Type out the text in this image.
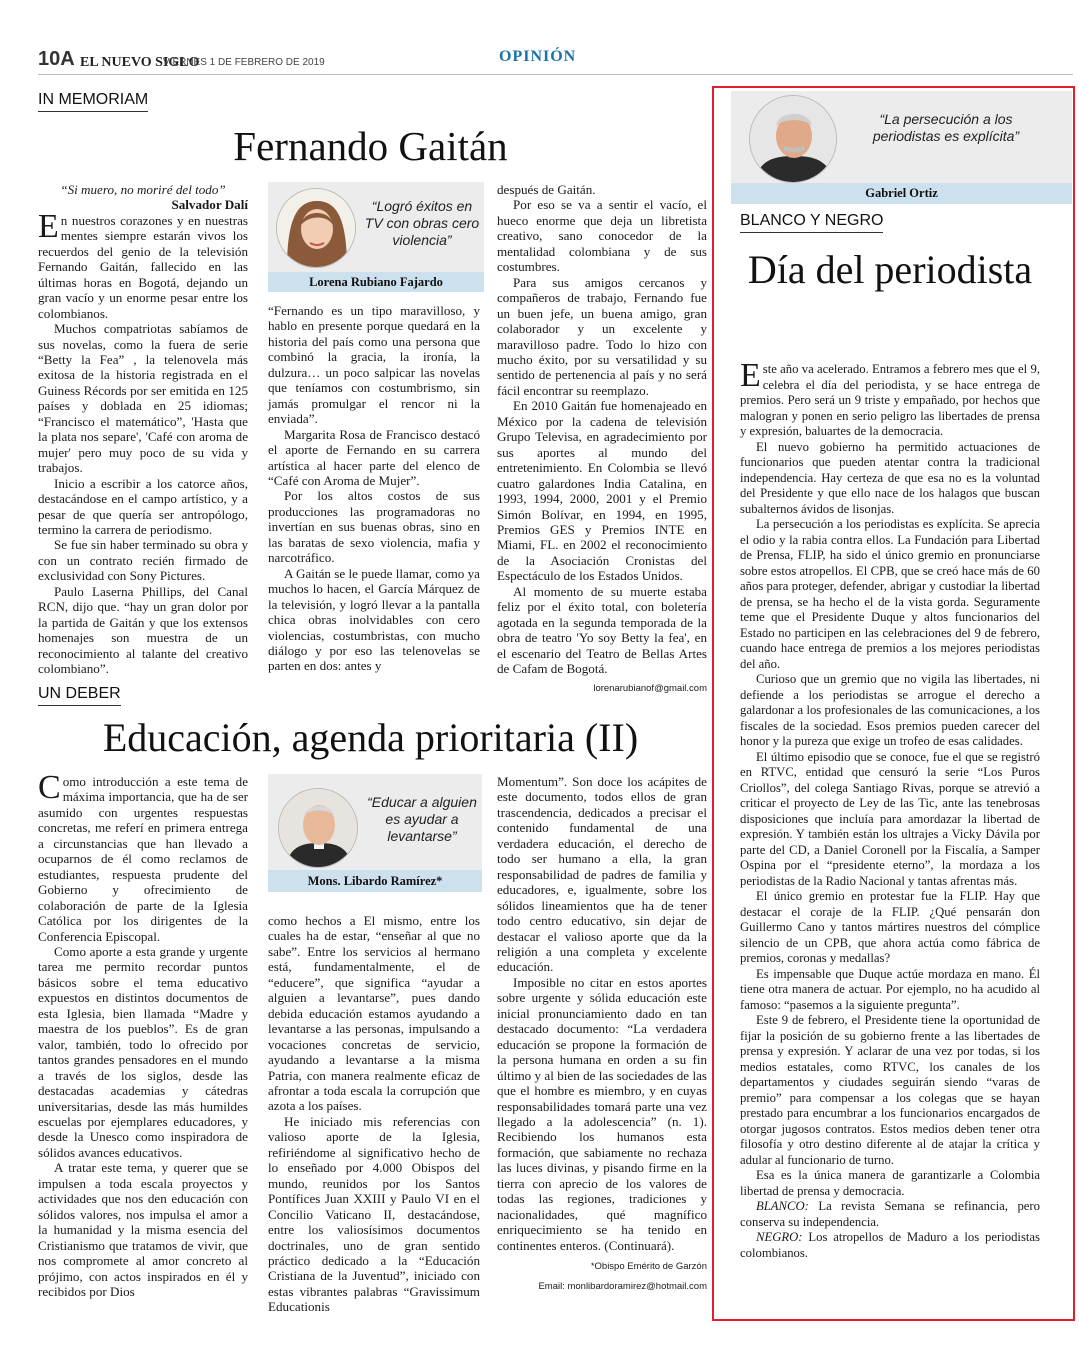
10A EL NUEVO SIGLO
VIERNES 1 DE FEBRERO DE 2019	OPINIÓN
IN MEMORIAM
Fernando Gaitán
“Si muero, no moriré del todo”
Salvador Dalí

En nuestros corazones y en nuestras mentes siempre estarán vivos los recuerdos del genio de la televisión Fernando Gaitán, fallecido en las últimas horas en Bogotá, dejando un gran vacío y un enorme pesar entre los colombianos.

Muchos compatriotas sabíamos de sus novelas, como la fuera de serie “Betty la Fea” , la telenovela más exitosa de la historia registrada en el Guiness Récords por ser emitida en 125 países y doblada en 25 idiomas; “Francisco el matemático”, 'Hasta que la plata nos separe', 'Café con aroma de mujer' pero muy poco de su vida y trabajos.

Inicio a escribir a los catorce años, destacándose en el campo artístico, y a pesar de que quería ser antropólogo, termino la carrera de periodismo.

Se fue sin haber terminado su obra y con un contrato recién firmado de exclusividad con Sony Pictures.

Paulo Laserna Phillips, del Canal RCN, dijo que. “hay un gran dolor por la partida de Gaitán y que los extensos homenajes son muestra de un reconocimiento al talante del creativo colombiano”.

“Logró éxitos en TV con obras cero violencia”
Lorena Rubiano Fajardo

“Fernando es un tipo maravilloso, y hablo en presente porque quedará en la historia del país como una persona que combinó la gracia, la ironía, la dulzura… un poco salpicar las novelas que teníamos con costumbrismo, sin jamás promulgar el rencor ni la enviada”.

Margarita Rosa de Francisco destacó el aporte de Fernando en su carrera artística al hacer parte del elenco de “Café con Aroma de Mujer”.

Por los altos costos de sus producciones las programadoras no invertían en sus buenas obras, sino en las baratas de sexo violencia, mafia y narcotráfico.

A Gaitán se le puede llamar, como ya muchos lo hacen, el García Márquez de la televisión, y logró llevar a la pantalla chica obras inolvidables con cero violencias, costumbristas, con mucho diálogo y por eso las telenovelas se parten en dos: antes y

después de Gaitán.

Por eso se va a sentir el vacío, el hueco enorme que deja un libretista creativo, sano conocedor de la mentalidad colombiana y de sus costumbres.

Para sus amigos cercanos y compañeros de trabajo, Fernando fue un buen jefe, un buena amigo, gran colaborador y un excelente y maravilloso padre. Todo lo hizo con mucho éxito, por su versatilidad y su sentido de pertenencia al país y no será fácil encontrar su reemplazo.

En 2010 Gaitán fue homenajeado en México por la cadena de televisión Grupo Televisa, en agradecimiento por sus aportes al mundo del entretenimiento. En Colombia se llevó cuatro galardones India Catalina, en 1993, 1994, 2000, 2001 y el Premio Simón Bolívar, en 1994, en 1995, Premios GES y Premios INTE en Miami, FL. en 2002 el reconocimiento de la Asociación Cronistas del Espectáculo de los Estados Unidos.

Al momento de su muerte estaba feliz por el éxito total, con boletería agotada en la segunda temporada de la obra de teatro 'Yo soy Betty la fea', en el escenario del Teatro de Bellas Artes de Cafam de Bogotá.

lorenarubianof@gmail.com
UN DEBER
Educación, agenda prioritaria (II)

Como introducción a este tema de máxima importancia, que ha de ser asumido con urgentes respuestas concretas, me referí en primera entrega a circunstancias que han llevado a ocuparnos de él como reclamos de estudiantes, respuesta prudente del Gobierno y ofrecimiento de colaboración de parte de la Iglesia Católica por los dirigentes de la Conferencia Episcopal.

Como aporte a esta grande y urgente tarea me permito recordar puntos básicos sobre el tema educativo expuestos en distintos documentos de esta Iglesia, bien llamada “Madre y maestra de los pueblos”. Es de gran valor, también, todo lo ofrecido por tantos grandes pensadores en el mundo a través de los siglos, desde las destacadas academias y cátedras universitarias, desde las más humildes escuelas por ejemplares educadores, y desde la Unesco como inspiradora de sólidos avances educativos.

A tratar este tema, y querer que se impulsen a toda escala proyectos y actividades que nos den educación con sólidos valores, nos impulsa el amor a la humanidad y la misma esencia del Cristianismo que tratamos de vivir, que nos compromete al amor concreto al prójimo, con actos inspirados en él y recibidos por Dios

“Educar a alguien es ayudar a levantarse”
Mons. Libardo Ramírez*

como hechos a El mismo, entre los cuales ha de estar, “enseñar al que no sabe”. Entre los servicios al hermano está, fundamentalmente, el de “educere”, que significa “ayudar a alguien a levantarse”, pues dando debida educación estamos ayudando a levantarse a las personas, impulsando a vocaciones concretas de servicio, ayudando a levantarse a la misma Patria, con manera realmente eficaz de afrontar a toda escala la corrupción que azota a los países.

He iniciado mis referencias con valioso aporte de la Iglesia, refiriéndome al significativo hecho de lo enseñado por 4.000 Obispos del mundo, reunidos por los Santos Pontífices Juan XXIII y Paulo VI en el Concilio Vaticano II, destacándose, entre los valiosísimos documentos doctrinales, uno de gran sentido práctico dedicado a la “Educación Cristiana de la Juventud”, iniciado con estas vibrantes palabras “Gravissimum Educationis

Momentum”. Son doce los acápites de este documento, todos ellos de gran trascendencia, dedicados a precisar el contenido fundamental de una verdadera educación, el derecho de todo ser humano a ella, la gran responsabilidad de padres de familia y educadores, e, igualmente, sobre los sólidos lineamientos que ha de tener todo centro educativo, sin dejar de destacar el valioso aporte que da la religión a una completa y excelente educación.

Imposible no citar en estos aportes sobre urgente y sólida educación este inicial pronunciamiento dado en tan destacado documento: “La verdadera educación se propone la formación de la persona humana en orden a su fin último y al bien de las sociedades de las que el hombre es miembro, y en cuyas responsabilidades tomará parte una vez llegado a la adolescencia” (n. 1). Recibiendo los humanos esta formación, que sabiamente no rechaza las luces divinas, y pisando firme en la tierra con aprecio de los valores de todas las regiones, tradiciones y nacionalidades, qué magnífico enriquecimiento se ha tenido en continentes enteros. (Continuará).

*Obispo Emérito de Garzón
Email: monlibardoramirez@hotmail.com
“La persecución a los periodistas es explícita”
Gabriel Ortiz
BLANCO Y NEGRO
Día del periodista

Este año va acelerado. Entramos a febrero mes que el 9, celebra el día del periodista, y se hace entrega de premios. Pero será un 9 triste y empañado, por hechos que malogran y ponen en serio peligro las libertades de prensa y expresión, baluartes de la democracia.

El nuevo gobierno ha permitido actuaciones de funcionarios que pueden atentar contra la tradicional independencia. Hay certeza de que esa no es la voluntad del Presidente y que ello nace de los halagos que buscan subalternos ávidos de lisonjas.

La persecución a los periodistas es explícita. Se aprecia el odio y la rabia contra ellos. La Fundación para Libertad de Prensa, FLIP, ha sido el único gremio en pronunciarse sobre estos atropellos. El CPB, que se creó hace más de 60 años para proteger, defender, abrigar y custodiar la libertad de prensa, se ha hecho el de la vista gorda. Seguramente teme que el Presidente Duque y altos funcionarios del Estado no participen en las celebraciones del 9 de febrero, cuando hace entrega de premios a los mejores periodistas del año.

Curioso que un gremio que no vigila las libertades, ni defiende a los periodistas se arrogue el derecho a galardonar a los profesionales de las comunicaciones, a los fiscales de la sociedad. Esos premios pueden carecer del honor y la pureza que exige un trofeo de esas calidades.

El último episodio que se conoce, fue el que se registró en RTVC, entidad que censuró la serie “Los Puros Criollos”, del colega Santiago Rivas, porque se atrevió a criticar el proyecto de Ley de las Tic, ante las tenebrosas disposiciones que incluía para amordazar la libertad de expresión. Y también están los ultrajes a Vicky Dávila por parte del CD, a Daniel Coronell por la Fiscalía, a Samper Ospina por el “presidente eterno”, la mordaza a los periodistas de la Radio Nacional y tantas afrentas más.

El único gremio en protestar fue la FLIP. Hay que destacar el coraje de la FLIP. ¿Qué pensarán don Guillermo Cano y tantos mártires nuestros del cómplice silencio de un CPB, que ahora actúa como fábrica de premios, coronas y medallas?

Es impensable que Duque actúe mordaza en mano. Él tiene otra manera de actuar. Por ejemplo, no ha acudido al famoso: “pasemos a la siguiente pregunta”.

Este 9 de febrero, el Presidente tiene la oportunidad de fijar la posición de su gobierno frente a las libertades de prensa y expresión. Y aclarar de una vez por todas, si los medios estatales, como RTVC, los canales de los departamentos y ciudades seguirán siendo “varas de premio” para compensar a los colegas que se hayan prestado para encumbrar a los funcionarios encargados de otorgar jugosos contratos. Estos medios deben tener otra filosofía y otro destino diferente al de atajar la crítica y adular al funcionario de turno.

Esa es la única manera de garantizarle a Colombia libertad de prensa y democracia.

BLANCO: La revista Semana se refinancia, pero conserva su independencia.

NEGRO: Los atropellos de Maduro a los periodistas colombianos.
